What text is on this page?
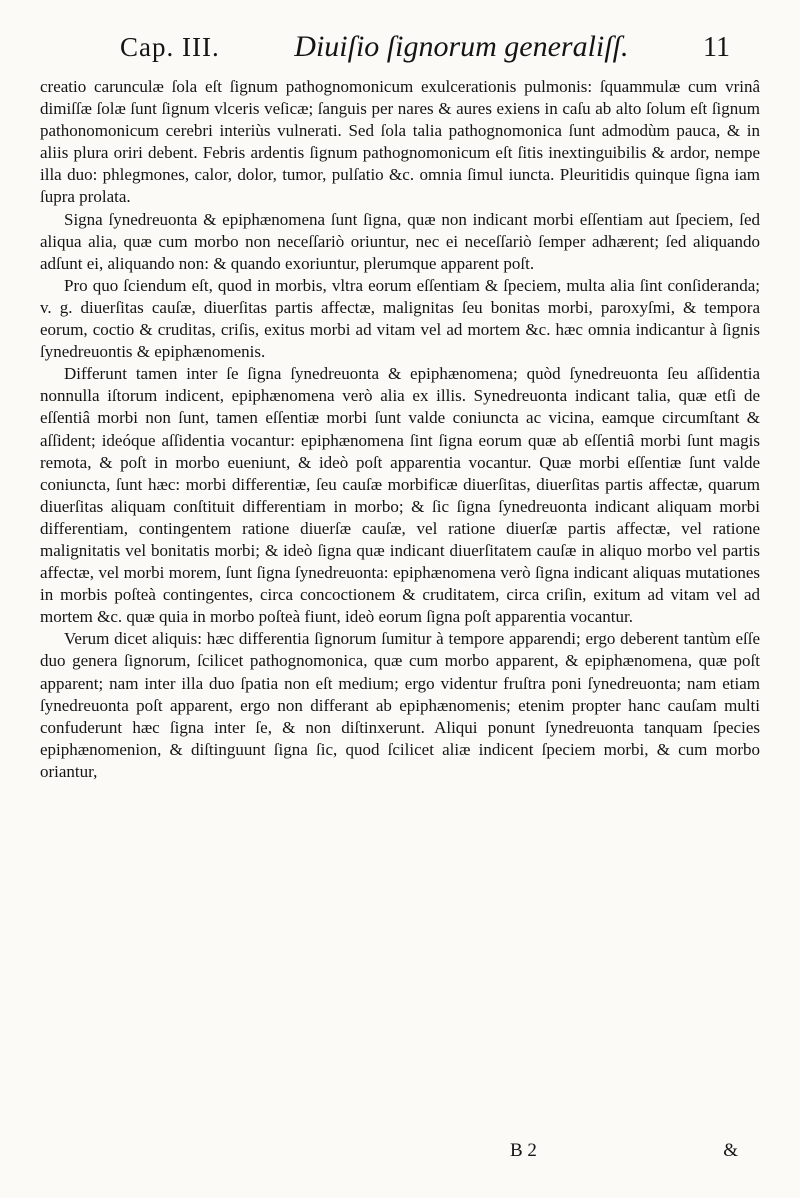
Cap. III. Diuiſio ſignorum generaliſſ.	11

creatio carunculæ ſola eſt ſignum pathognomonicum exulcerationis pulmonis: ſquammulæ cum vrinâ dimiſſæ ſolæ ſunt ſignum vlceris veſicæ; ſanguis per nares & aures exiens in caſu ab alto ſolum eſt ſignum pathonomonicum cerebri interiùs vulnerati. Sed ſola talia pathognomonica ſunt admodùm pauca, & in aliis plura oriri debent. Febris ardentis ſignum pathognomonicum eſt ſitis inextinguibilis & ardor, nempe illa duo: phlegmones, calor, dolor, tumor, pulſatio &c. omnia ſimul iuncta. Pleuritidis quinque ſigna iam ſupra prolata.

Signa ſynedreuonta & epiphænomena ſunt ſigna, quæ non indicant morbi eſſentiam aut ſpeciem, ſed aliqua alia, quæ cum morbo non neceſſariò oriuntur, nec ei neceſſariò ſemper adhærent; ſed aliquando adſunt ei, aliquando non: & quando exoriuntur, plerumque apparent poſt.

Pro quo ſciendum eſt, quod in morbis, vltra eorum eſſentiam & ſpeciem, multa alia ſint conſideranda; v. g. diuerſitas cauſæ, diuerſitas partis affectæ, malignitas ſeu bonitas morbi, paroxyſmi, & tempora eorum, coctio & cruditas, criſis, exitus morbi ad vitam vel ad mortem &c. hæc omnia indicantur à ſignis ſynedreuontis & epiphænomenis.

Differunt tamen inter ſe ſigna ſynedreuonta & epiphænomena; quòd ſynedreuonta ſeu aſſidentia nonnulla iſtorum indicent, epiphænomena verò alia ex illis. Synedreuonta indicant talia, quæ etſi de eſſentiâ morbi non ſunt, tamen eſſentiæ morbi ſunt valde coniuncta ac vicina, eamque circumſtant & aſſident; ideóque aſſidentia vocantur: epiphænomena ſint ſigna eorum quæ ab eſſentiâ morbi ſunt magis remota, & poſt in morbo eueniunt, & ideò poſt apparentia vocantur. Quæ morbi eſſentiæ ſunt valde coniuncta, ſunt hæc: morbi differentiæ, ſeu cauſæ morbificæ diuerſitas, diuerſitas partis affectæ, quarum diuerſitas aliquam conſtituit differentiam in morbo; & ſic ſigna ſynedreuonta indicant aliquam morbi differentiam, contingentem ratione diuerſæ cauſæ, vel ratione diuerſæ partis affectæ, vel ratione malignitatis vel bonitatis morbi; & ideò ſigna quæ indicant diuerſitatem cauſæ in aliquo morbo vel partis affectæ, vel morbi morem, ſunt ſigna ſynedreuonta: epiphænomena verò ſigna indicant aliquas mutationes in morbis poſteà contingentes, circa concoctionem & cruditatem, circa criſin, exitum ad vitam vel ad mortem &c. quæ quia in morbo poſteà fiunt, ideò eorum ſigna poſt apparentia vocantur.

Verum dicet aliquis: hæc differentia ſignorum ſumitur à tempore apparendi; ergo deberent tantùm eſſe duo genera ſignorum, ſcilicet pathognomonica, quæ cum morbo apparent, & epiphænomena, quæ poſt apparent; nam inter illa duo ſpatia non eſt medium; ergo videntur fruſtra poni ſynedreuonta; nam etiam ſynedreuonta poſt apparent, ergo non differant ab epiphænomenis; etenim propter hanc cauſam multi confuderunt hæc ſigna inter ſe, & non diſtinxerunt. Aliqui ponunt ſynedreuonta tanquam ſpecies epiphænomenion, & diſtinguunt ſigna ſic, quod ſcilicet aliæ indicent ſpeciem morbi, & cum morbo oriantur,

B 2	&
